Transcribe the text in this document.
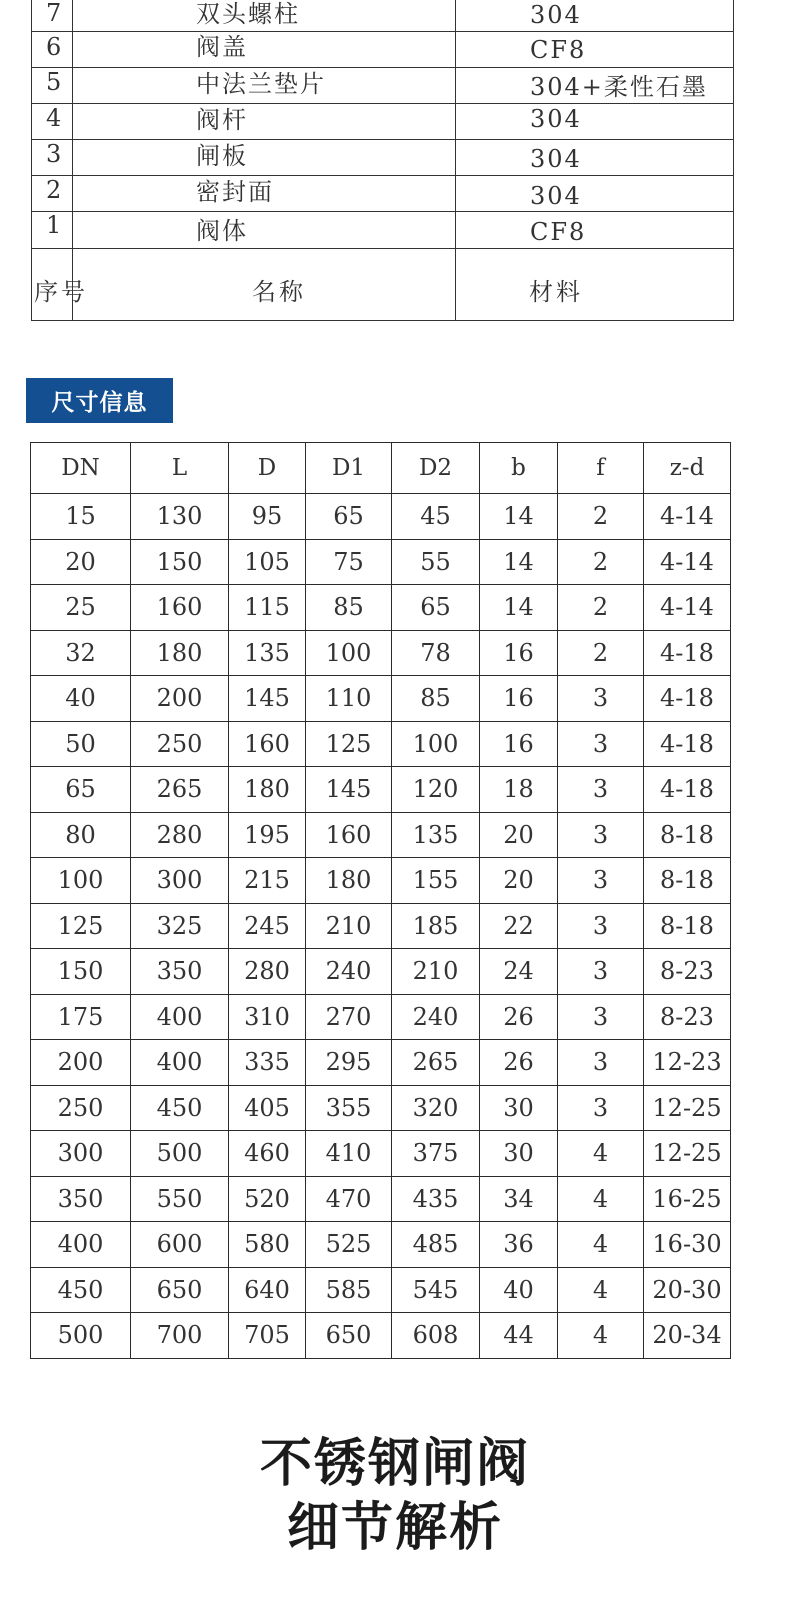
7	双头螺柱	304
6	阀盖	CF8
5	中法兰垫片	304+柔性石墨
4	阀杆	304
3	闸板	304
2	密封面	304
1	阀体	CF8
序号	名称	材料
尺寸信息
DN	L	D	D1	D2	b	f	z-d
15	130	95	65	45	14	2	4-14
20	150	105	75	55	14	2	4-14
25	160	115	85	65	14	2	4-14
32	180	135	100	78	16	2	4-18
40	200	145	110	85	16	3	4-18
50	250	160	125	100	16	3	4-18
65	265	180	145	120	18	3	4-18
80	280	195	160	135	20	3	8-18
100	300	215	180	155	20	3	8-18
125	325	245	210	185	22	3	8-18
150	350	280	240	210	24	3	8-23
175	400	310	270	240	26	3	8-23
200	400	335	295	265	26	3	12-23
250	450	405	355	320	30	3	12-25
300	500	460	410	375	30	4	12-25
350	550	520	470	435	34	4	16-25
400	600	580	525	485	36	4	16-30
450	650	640	585	545	40	4	20-30
500	700	705	650	608	44	4	20-34
不锈钢闸阀
细节解析
